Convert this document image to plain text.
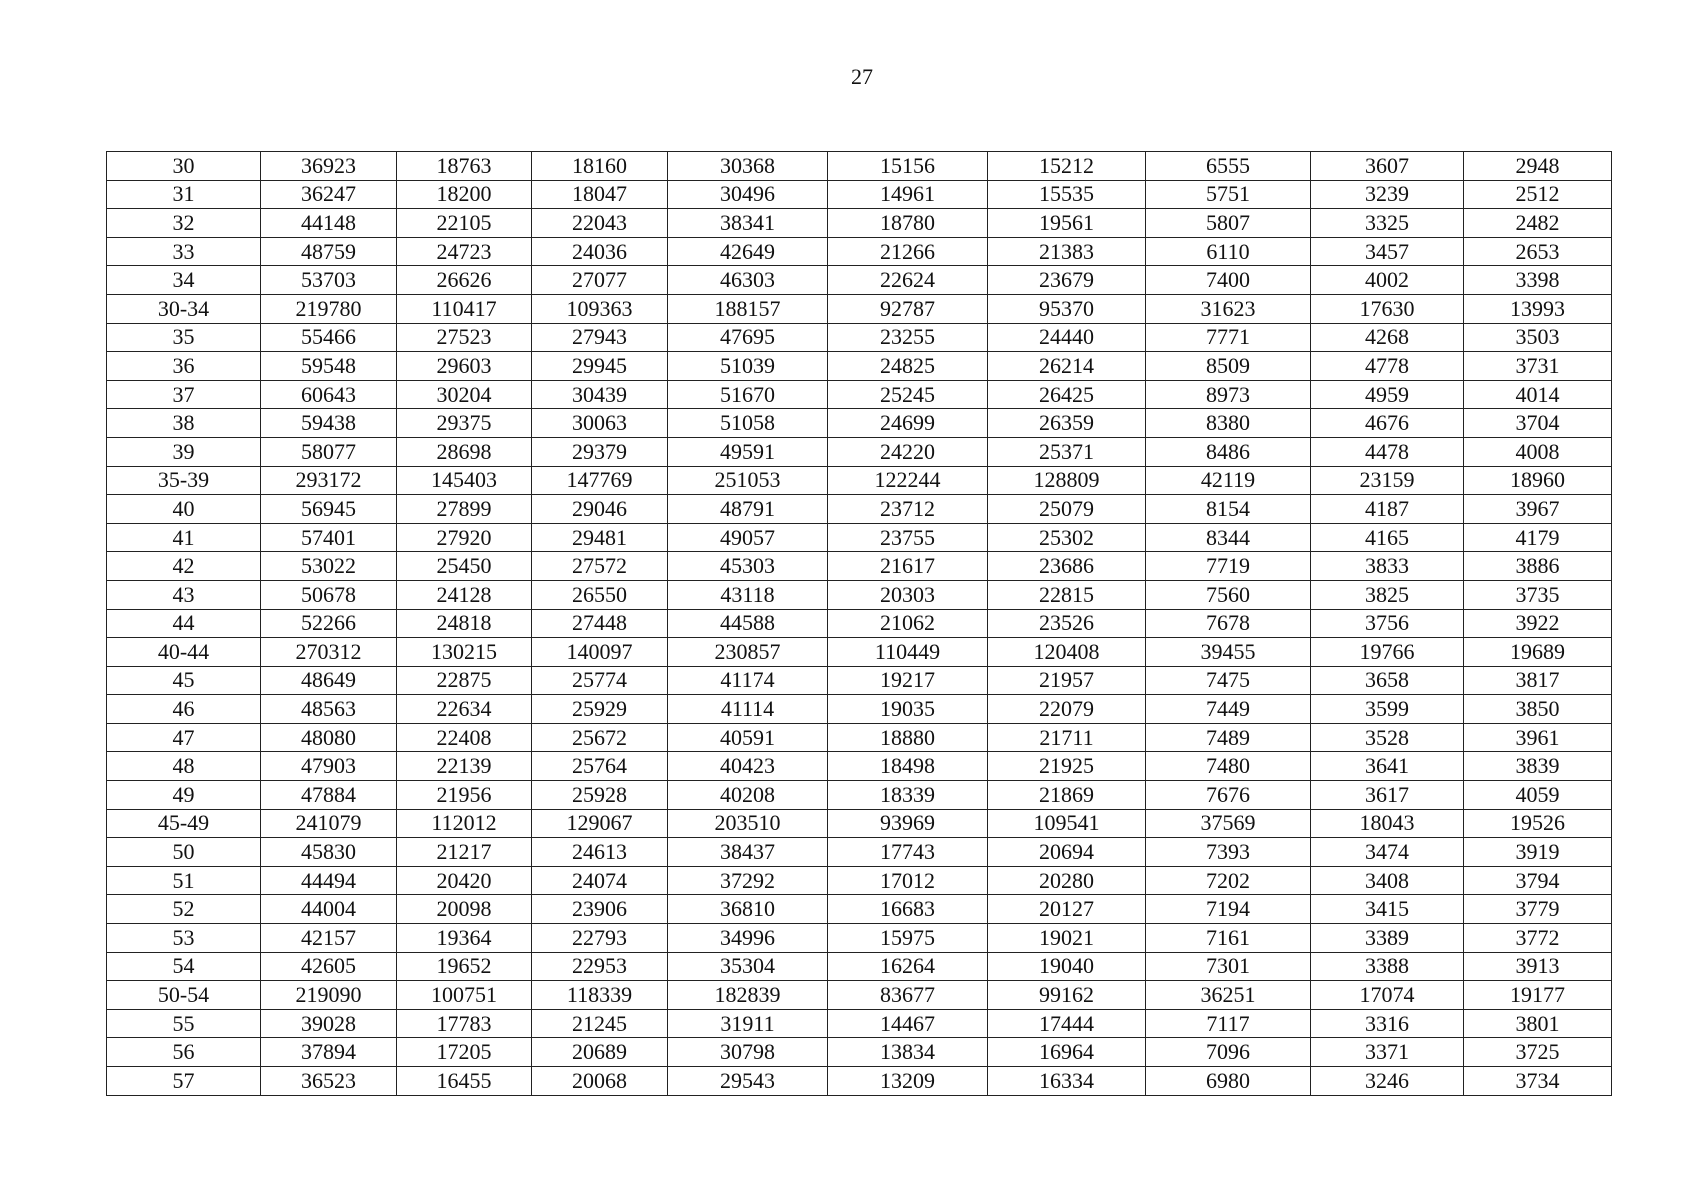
27
30	36923	18763	18160	30368	15156	15212	6555	3607	2948
31	36247	18200	18047	30496	14961	15535	5751	3239	2512
32	44148	22105	22043	38341	18780	19561	5807	3325	2482
33	48759	24723	24036	42649	21266	21383	6110	3457	2653
34	53703	26626	27077	46303	22624	23679	7400	4002	3398
30-34	219780	110417	109363	188157	92787	95370	31623	17630	13993
35	55466	27523	27943	47695	23255	24440	7771	4268	3503
36	59548	29603	29945	51039	24825	26214	8509	4778	3731
37	60643	30204	30439	51670	25245	26425	8973	4959	4014
38	59438	29375	30063	51058	24699	26359	8380	4676	3704
39	58077	28698	29379	49591	24220	25371	8486	4478	4008
35-39	293172	145403	147769	251053	122244	128809	42119	23159	18960
40	56945	27899	29046	48791	23712	25079	8154	4187	3967
41	57401	27920	29481	49057	23755	25302	8344	4165	4179
42	53022	25450	27572	45303	21617	23686	7719	3833	3886
43	50678	24128	26550	43118	20303	22815	7560	3825	3735
44	52266	24818	27448	44588	21062	23526	7678	3756	3922
40-44	270312	130215	140097	230857	110449	120408	39455	19766	19689
45	48649	22875	25774	41174	19217	21957	7475	3658	3817
46	48563	22634	25929	41114	19035	22079	7449	3599	3850
47	48080	22408	25672	40591	18880	21711	7489	3528	3961
48	47903	22139	25764	40423	18498	21925	7480	3641	3839
49	47884	21956	25928	40208	18339	21869	7676	3617	4059
45-49	241079	112012	129067	203510	93969	109541	37569	18043	19526
50	45830	21217	24613	38437	17743	20694	7393	3474	3919
51	44494	20420	24074	37292	17012	20280	7202	3408	3794
52	44004	20098	23906	36810	16683	20127	7194	3415	3779
53	42157	19364	22793	34996	15975	19021	7161	3389	3772
54	42605	19652	22953	35304	16264	19040	7301	3388	3913
50-54	219090	100751	118339	182839	83677	99162	36251	17074	19177
55	39028	17783	21245	31911	14467	17444	7117	3316	3801
56	37894	17205	20689	30798	13834	16964	7096	3371	3725
57	36523	16455	20068	29543	13209	16334	6980	3246	3734
